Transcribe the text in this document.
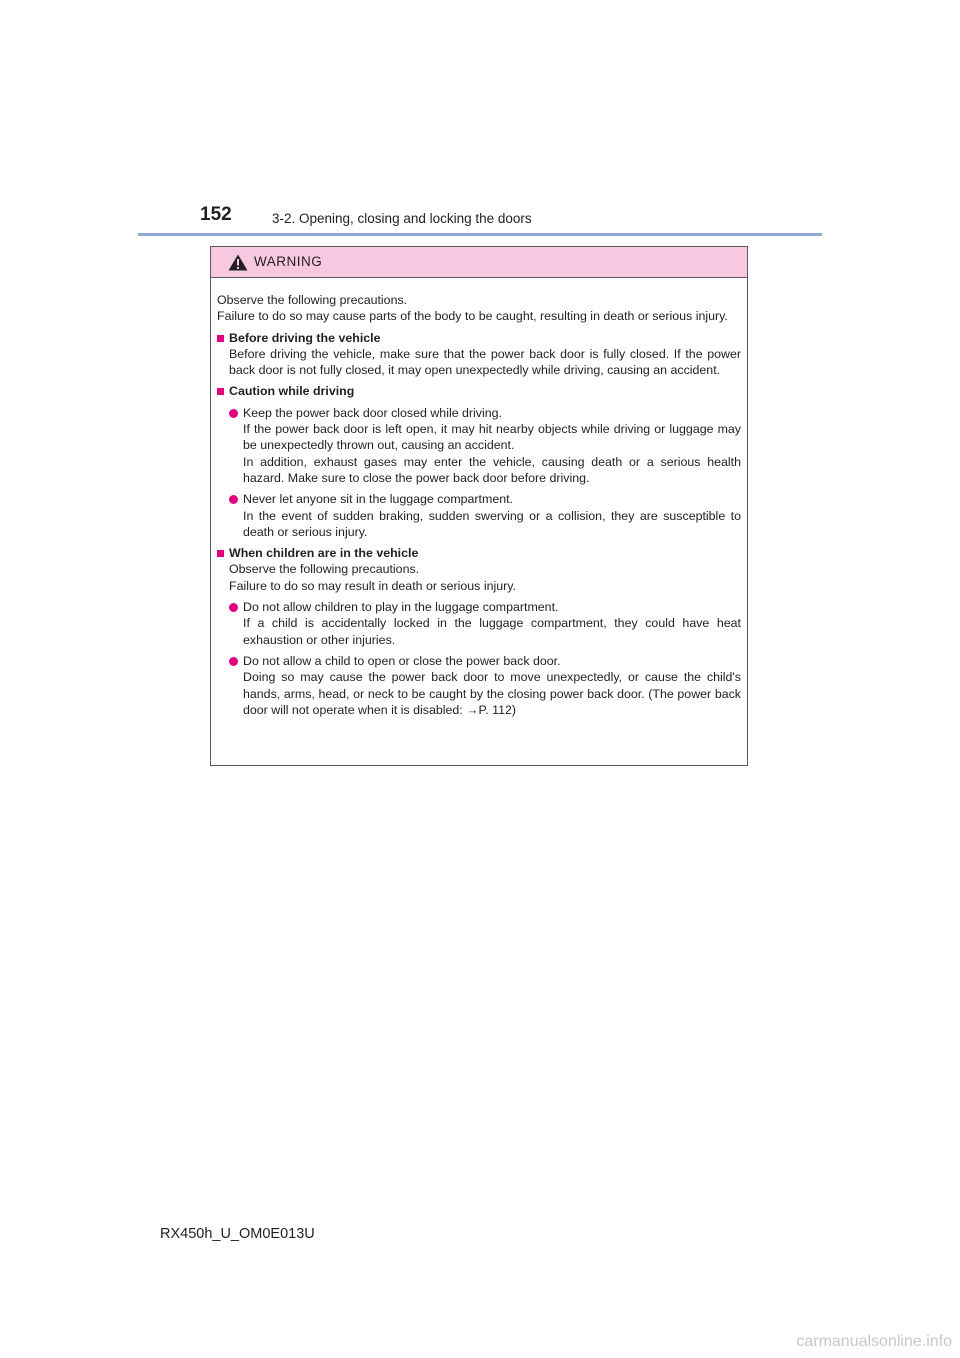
152	3-2. Opening, closing and locking the doors
WARNING

Observe the following precautions.

Failure to do so may cause parts of the body to be caught, resulting in death or serious injury.

Before driving the vehicle

Before driving the vehicle, make sure that the power back door is fully closed. If the power back door is not fully closed, it may open unexpectedly while driving, causing an accident.

Caution while driving

Keep the power back door closed while driving.

If the power back door is left open, it may hit nearby objects while driving or luggage may be unexpectedly thrown out, causing an accident.

In addition, exhaust gases may enter the vehicle, causing death or a serious health hazard. Make sure to close the power back door before driving.

Never let anyone sit in the luggage compartment.

In the event of sudden braking, sudden swerving or a collision, they are susceptible to death or serious injury.

When children are in the vehicle

Observe the following precautions.

Failure to do so may result in death or serious injury.

Do not allow children to play in the luggage compartment.

If a child is accidentally locked in the luggage compartment, they could have heat exhaustion or other injuries.

Do not allow a child to open or close the power back door.

Doing so may cause the power back door to move unexpectedly, or cause the child's hands, arms, head, or neck to be caught by the closing power back door. (The power back door will not operate when it is disabled: →P. 112)

RX450h_U_OM0E013U
carmanualsonline.info
